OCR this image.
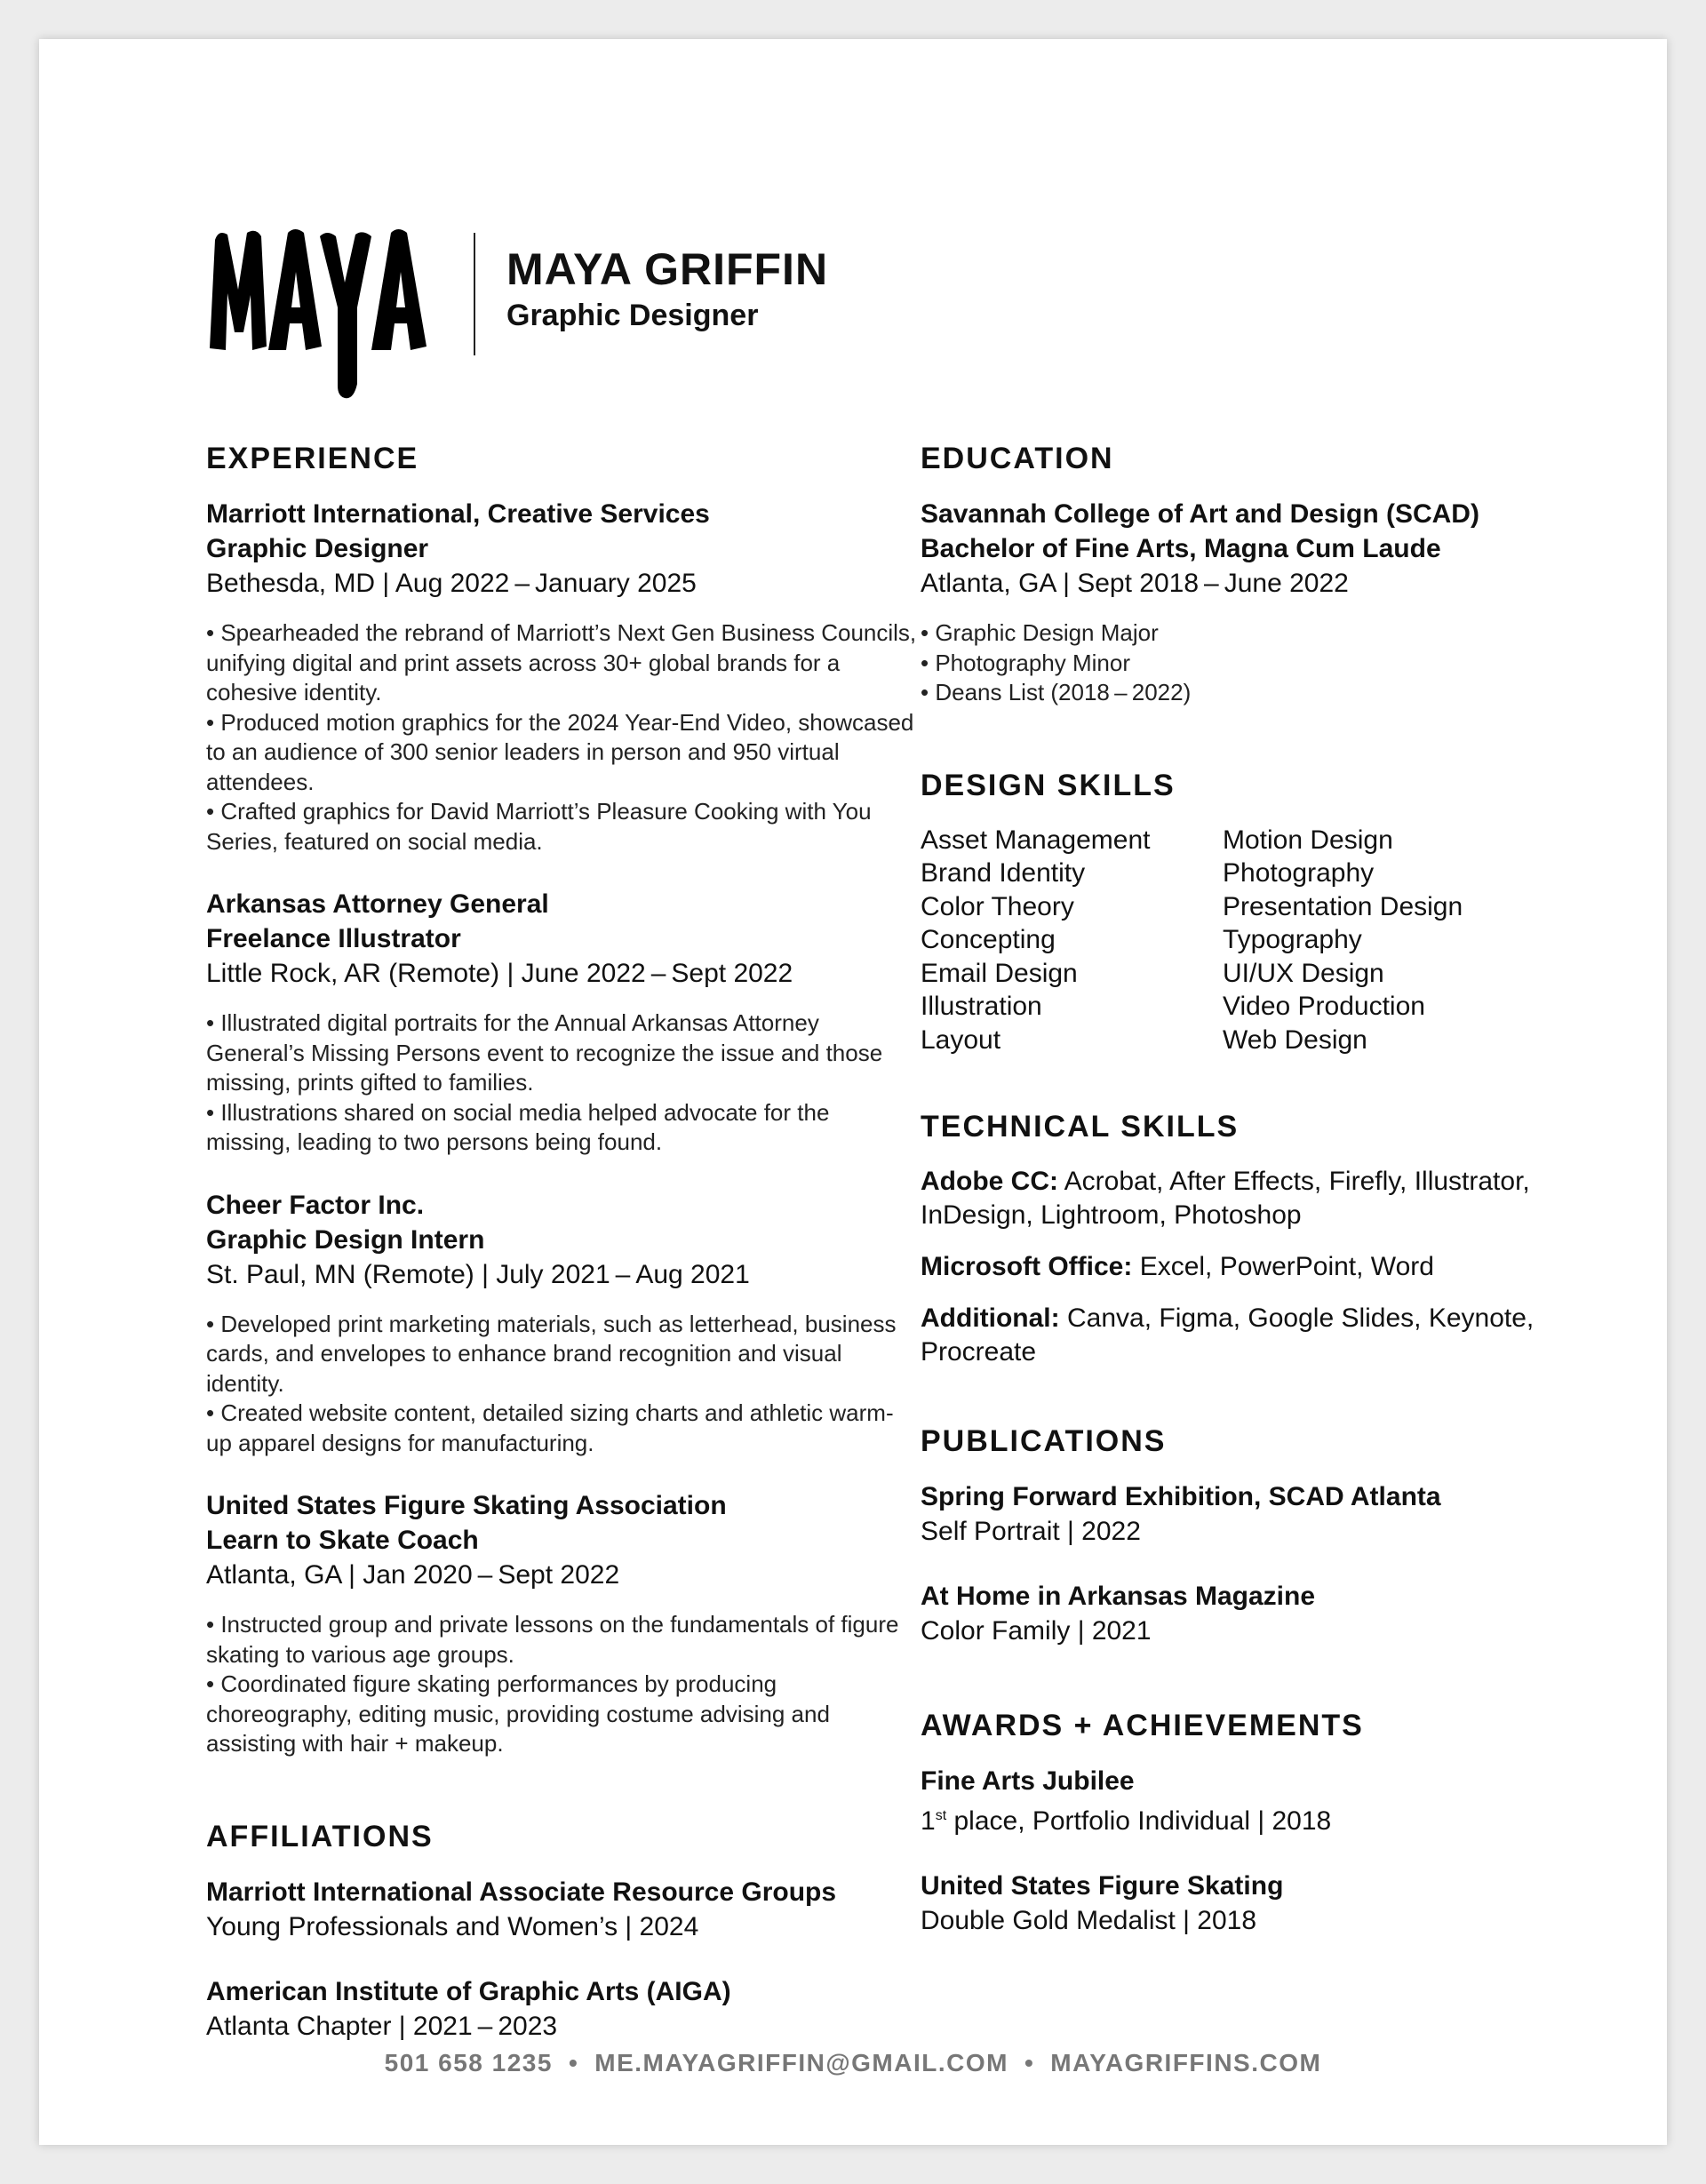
MAYA GRIFFIN
Graphic Designer
EXPERIENCE

Marriott International, Creative Services

Graphic Designer

Bethesda, MD | Aug 2022 – January 2025

• Spearheaded the rebrand of Marriott’s Next Gen Business Councils, unifying digital and print assets across 30+ global brands for a cohesive identity.

• Produced motion graphics for the 2024 Year-End Video, showcased to an audience of 300 senior leaders in person and 950 virtual attendees.

• Crafted graphics for David Marriott’s Pleasure Cooking with You Series, featured on social media.

Arkansas Attorney General

Freelance Illustrator

Little Rock, AR (Remote) | June 2022 – Sept 2022

• Illustrated digital portraits for the Annual Arkansas Attorney General’s Missing Persons event to recognize the issue and those missing, prints gifted to families.

• Illustrations shared on social media helped advocate for the missing, leading to two persons being found.

Cheer Factor Inc.

Graphic Design Intern

St. Paul, MN (Remote) | July 2021 – Aug 2021

• Developed print marketing materials, such as letterhead, business cards, and envelopes to enhance brand recognition and visual identity.

• Created website content, detailed sizing charts and athletic warm-up apparel designs for manufacturing.

United States Figure Skating Association

Learn to Skate Coach

Atlanta, GA | Jan 2020 – Sept 2022

• Instructed group and private lessons on the fundamentals of figure skating to various age groups.

• Coordinated figure skating performances by producing choreography, editing music, providing costume advising and assisting with hair + makeup.

AFFILIATIONS

Marriott International Associate Resource Groups

Young Professionals and Women’s | 2024

American Institute of Graphic Arts (AIGA)

Atlanta Chapter | 2021 – 2023

EDUCATION

Savannah College of Art and Design (SCAD)

Bachelor of Fine Arts, Magna Cum Laude

Atlanta, GA | Sept 2018 – June 2022

• Graphic Design Major

• Photography Minor

• Deans List (2018 – 2022)

DESIGN SKILLS
Asset Management
Brand Identity
Color Theory
Concepting
Email Design
Illustration
Layout
Motion Design
Photography
Presentation Design
Typography
UI/UX Design
Video Production
Web Design
TECHNICAL SKILLS

Adobe CC: Acrobat, After Effects, Firefly, Illustrator, InDesign, Lightroom, Photoshop

Microsoft Office: Excel, PowerPoint, Word

Additional: Canva, Figma, Google Slides, Keynote, Procreate

PUBLICATIONS

Spring Forward Exhibition, SCAD Atlanta

Self Portrait | 2022

At Home in Arkansas Magazine

Color Family | 2021

AWARDS + ACHIEVEMENTS

Fine Arts Jubilee

1st place, Portfolio Individual | 2018

United States Figure Skating

Double Gold Medalist | 2018

501 658 1235 • ME.MAYAGRIFFIN@GMAIL.COM • MAYAGRIFFINS.COM
